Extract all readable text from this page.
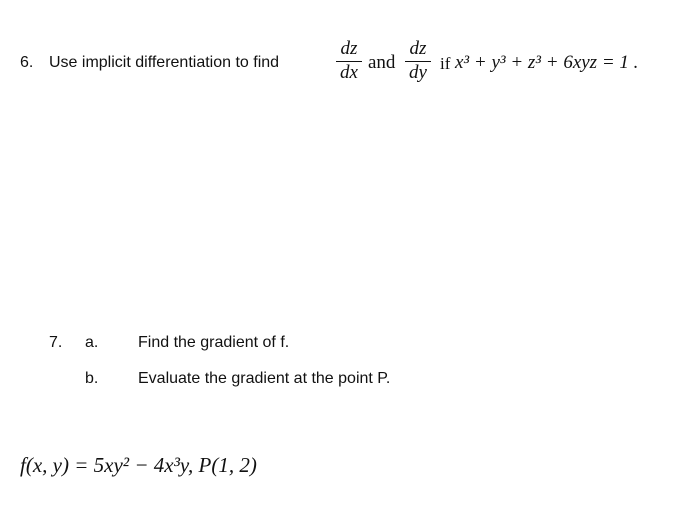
6. Use implicit differentiation to find
dz
dx and
dz
dy if x³ + y³ + z³ + 6xyz = 1 .
7. a. Find the gradient of f.
b. Evaluate the gradient at the point P.
f(x, y) = 5xy² − 4x³y, P(1, 2)
